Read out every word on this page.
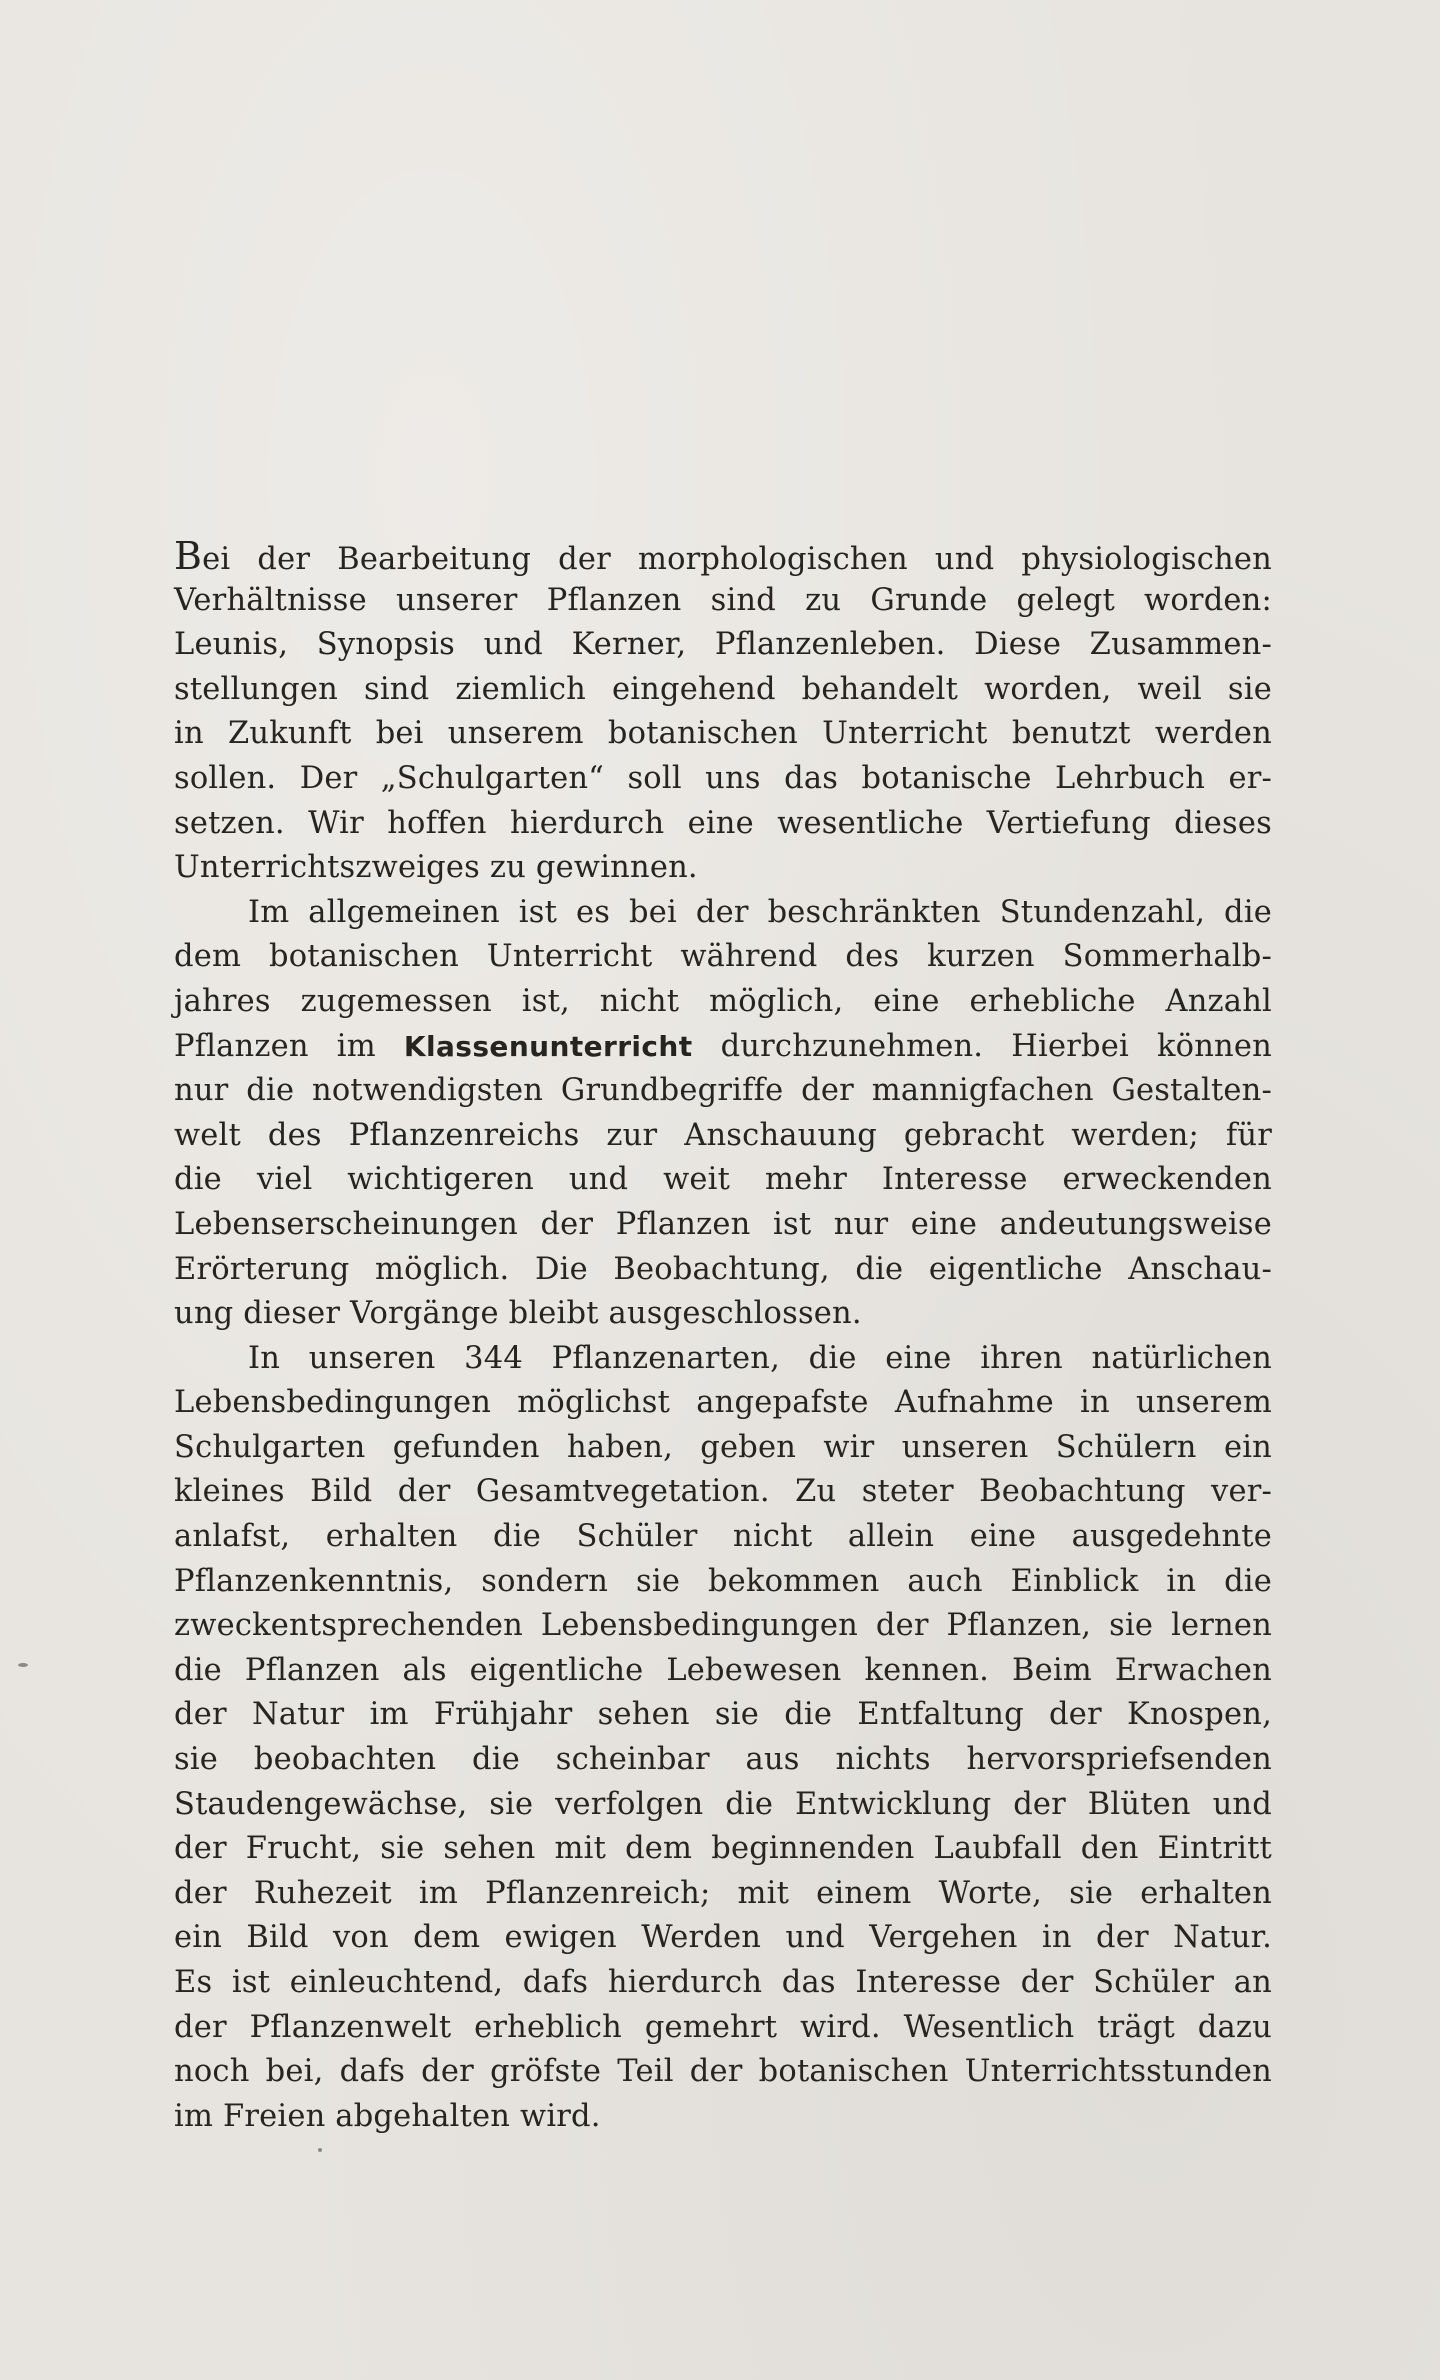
Bei der Bearbeitung der morphologischen und physiologischen
Verhältnisse unserer Pflanzen sind zu Grunde gelegt worden:
Leunis, Synopsis und Kerner, Pflanzenleben. Diese Zusammen-
stellungen sind ziemlich eingehend behandelt worden, weil sie
in Zukunft bei unserem botanischen Unterricht benutzt werden
sollen. Der „Schulgarten“ soll uns das botanische Lehrbuch er-
setzen. Wir hoffen hierdurch eine wesentliche Vertiefung dieses
Unterrichtszweiges zu gewinnen.
Im allgemeinen ist es bei der beschränkten Stundenzahl, die
dem botanischen Unterricht während des kurzen Sommerhalb-
jahres zugemessen ist, nicht möglich, eine erhebliche Anzahl
Pflanzen im Klassenunterricht durchzunehmen. Hierbei können
nur die notwendigsten Grundbegriffe der mannigfachen Gestalten-
welt des Pflanzenreichs zur Anschauung gebracht werden; für
die viel wichtigeren und weit mehr Interesse erweckenden
Lebenserscheinungen der Pflanzen ist nur eine andeutungsweise
Erörterung möglich. Die Beobachtung, die eigentliche Anschau-
ung dieser Vorgänge bleibt ausgeschlossen.
In unseren 344 Pflanzenarten, die eine ihren natürlichen
Lebensbedingungen möglichst angepafste Aufnahme in unserem
Schulgarten gefunden haben, geben wir unseren Schülern ein
kleines Bild der Gesamtvegetation. Zu steter Beobachtung ver-
anlafst, erhalten die Schüler nicht allein eine ausgedehnte
Pflanzenkenntnis, sondern sie bekommen auch Einblick in die
zweckentsprechenden Lebensbedingungen der Pflanzen, sie lernen
die Pflanzen als eigentliche Lebewesen kennen. Beim Erwachen
der Natur im Frühjahr sehen sie die Entfaltung der Knospen,
sie beobachten die scheinbar aus nichts hervorspriefsenden
Staudengewächse, sie verfolgen die Entwicklung der Blüten und
der Frucht, sie sehen mit dem beginnenden Laubfall den Eintritt
der Ruhezeit im Pflanzenreich; mit einem Worte, sie erhalten
ein Bild von dem ewigen Werden und Vergehen in der Natur.
Es ist einleuchtend, dafs hierdurch das Interesse der Schüler an
der Pflanzenwelt erheblich gemehrt wird. Wesentlich trägt dazu
noch bei, dafs der gröfste Teil der botanischen Unterrichtsstunden
im Freien abgehalten wird.
